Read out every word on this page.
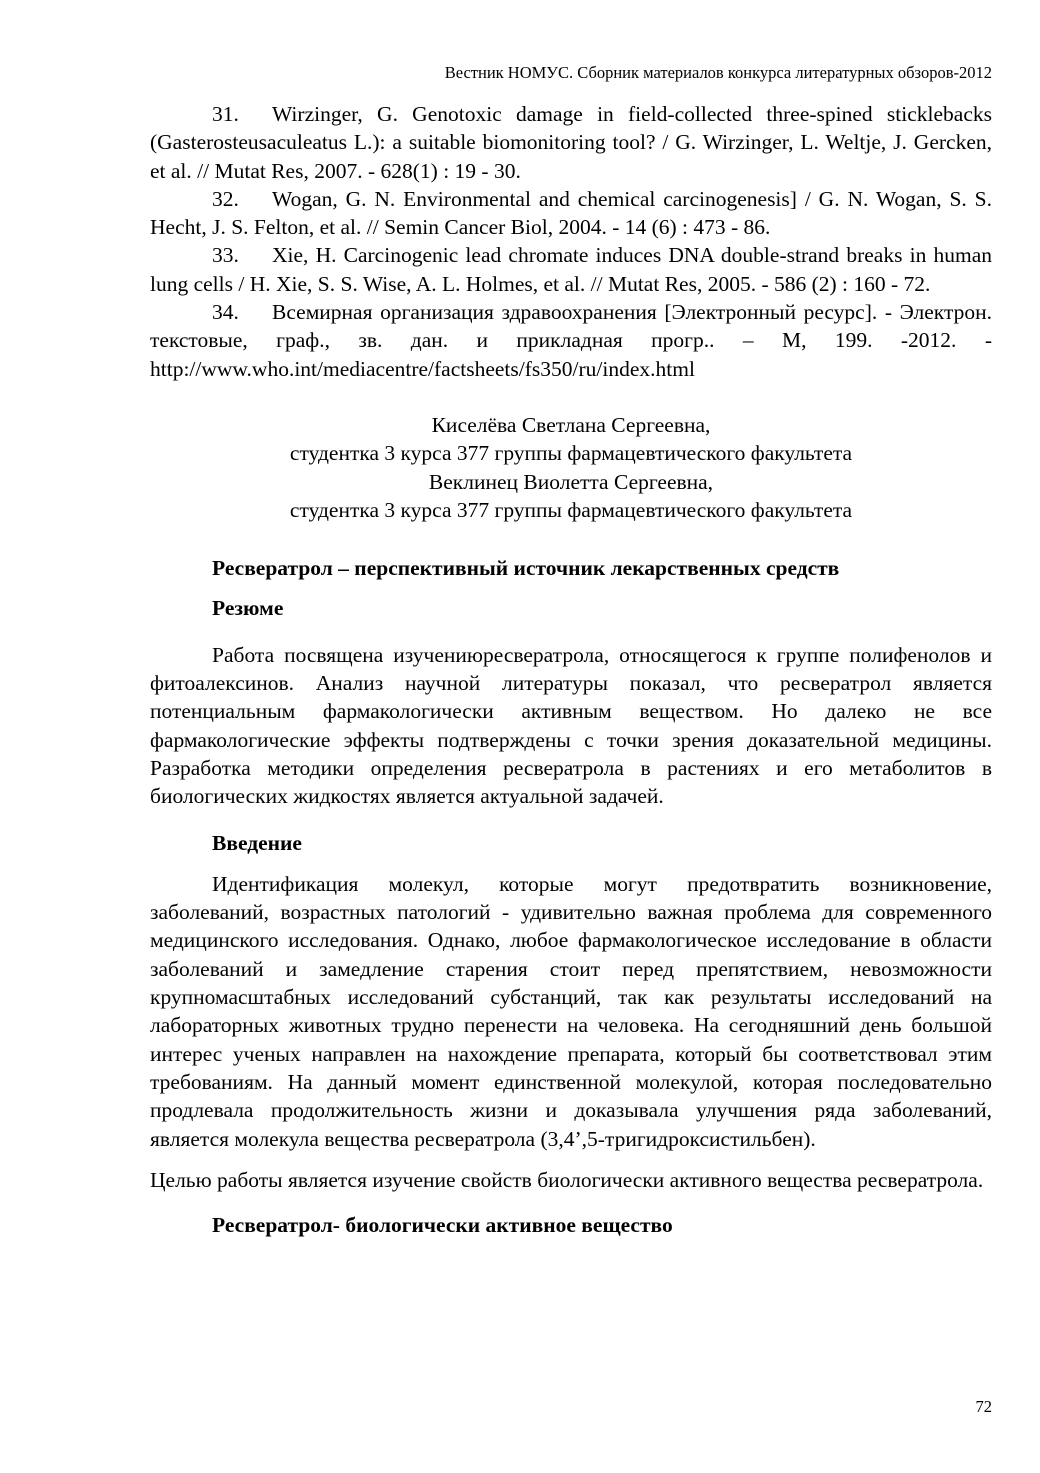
Вестник НОМУС. Сборник материалов конкурса литературных обзоров-2012

31. Wirzinger, G. Genotoxic damage in field-collected three-spined sticklebacks (Gasterosteusaculeatus L.): a suitable biomonitoring tool? / G. Wirzinger, L. Weltje, J. Gercken, et al. // Mutat Res, 2007. - 628(1) : 19 - 30.

32. Wogan, G. N. Environmental and chemical carcinogenesis] / G. N. Wogan, S. S. Hecht, J. S. Felton, et al. // Semin Cancer Biol, 2004. - 14 (6) : 473 - 86.

33. Xie, H. Carcinogenic lead chromate induces DNA double-strand breaks in human lung cells / H. Xie, S. S. Wise, A. L. Holmes, et al. // Mutat Res, 2005. - 586 (2) : 160 - 72.

34. Всемирная организация здравоохранения [Электронный ресурс]. - Электрон. текстовые, граф., зв. дан. и прикладная прогр.. – М, 199. -2012. - http://www.who.int/mediacentre/factsheets/fs350/ru/index.html

Киселёва Светлана Сергеевна,
студентка 3 курса 377 группы фармацевтического факультета
Веклинец Виолетта Сергеевна,
студентка 3 курса 377 группы фармацевтического факультета

Ресвератрол – перспективный источник лекарственных средств

Резюме

Работа посвящена изучениюресвератрола, относящегося к группе полифенолов и фитоалексинов. Анализ научной литературы показал, что ресвератрол является потенциальным фармакологически активным веществом. Но далеко не все фармакологические эффекты подтверждены с точки зрения доказательной медицины. Разработка методики определения ресвератрола в растениях и его метаболитов в биологических жидкостях является актуальной задачей.

Введение

Идентификация молекул, которые могут предотвратить возникновение, заболеваний, возрастных патологий - удивительно важная проблема для современного медицинского исследования. Однако, любое фармакологическое исследование в области заболеваний и замедление старения стоит перед препятствием, невозможности крупномасштабных исследований субстанций, так как результаты исследований на лабораторных животных трудно перенести на человека. На сегодняшний день большой интерес ученых направлен на нахождение препарата, который бы соответствовал этим требованиям. На данный момент единственной молекулой, которая последовательно продлевала продолжительность жизни и доказывала улучшения ряда заболеваний, является молекула вещества ресвератрола (3,4’,5-тригидроксистильбен).

Целью работы является изучение свойств биологически активного вещества ресвератрола.

Ресвератрол- биологически активное вещество

72
